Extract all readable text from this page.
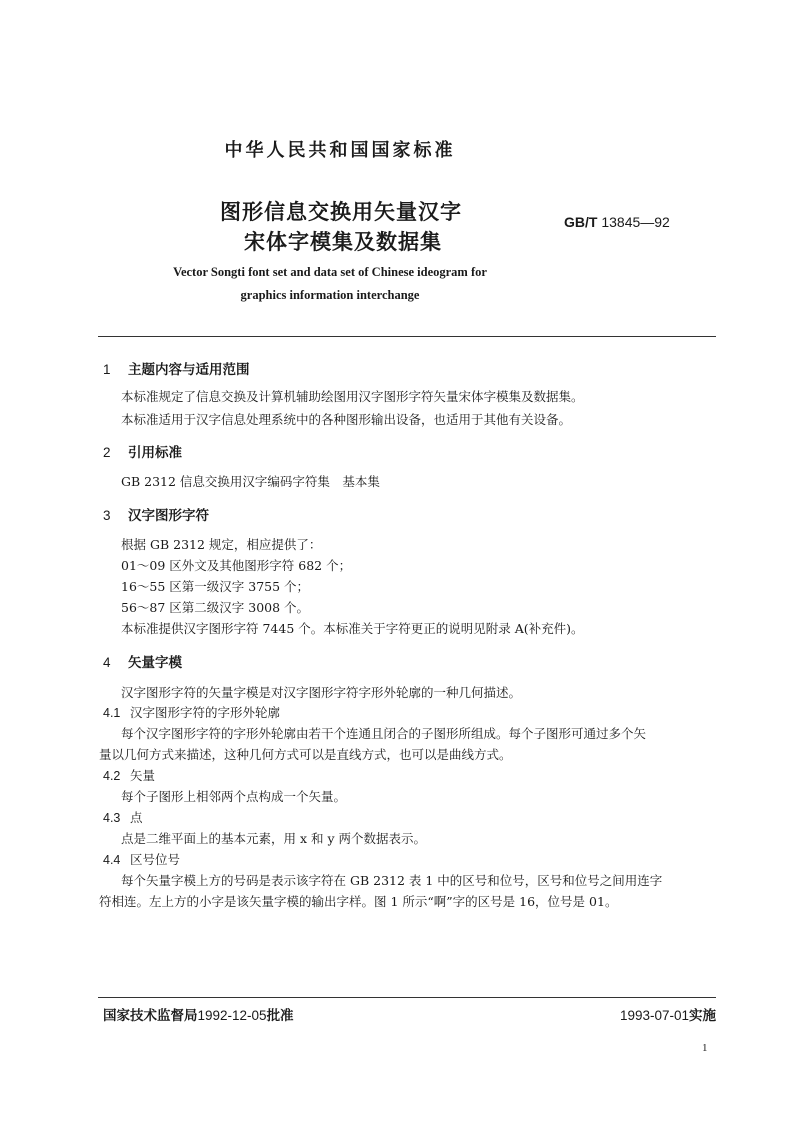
中华人民共和国国家标准
图形信息交换用矢量汉字
宋体字模集及数据集
GB/T 13845—92
Vector Songti font set and data set of Chinese ideogram for
graphics information interchange
1 主题内容与适用范围
本标准规定了信息交换及计算机辅助绘图用汉字图形字符矢量宋体字模集及数据集。
本标准适用于汉字信息处理系统中的各种图形输出设备，也适用于其他有关设备。
2 引用标准
GB 2312 信息交换用汉字编码字符集　基本集
3 汉字图形字符
根据 GB 2312 规定，相应提供了：
01～09 区外文及其他图形字符 682 个；
16～55 区第一级汉字 3755 个；
56～87 区第二级汉字 3008 个。
本标准提供汉字图形字符 7445 个。本标准关于字符更正的说明见附录 A(补充件)。
4 矢量字模
汉字图形字符的矢量字模是对汉字图形字符字形外轮廓的一种几何描述。
4.1 汉字图形字符的字形外轮廓
每个汉字图形字符的字形外轮廓由若干个连通且闭合的子图形所组成。每个子图形可通过多个矢
量以几何方式来描述，这种几何方式可以是直线方式，也可以是曲线方式。
4.2 矢量
每个子图形上相邻两个点构成一个矢量。
4.3 点
点是二维平面上的基本元素，用 x 和 y 两个数据表示。
4.4 区号位号
每个矢量字模上方的号码是表示该字符在 GB 2312 表 1 中的区号和位号，区号和位号之间用连字
符相连。左上方的小字是该矢量字模的输出字样。图 1 所示“啊”字的区号是 16，位号是 01。
国家技术监督局1992-12-05批准	1993-07-01实施
1
